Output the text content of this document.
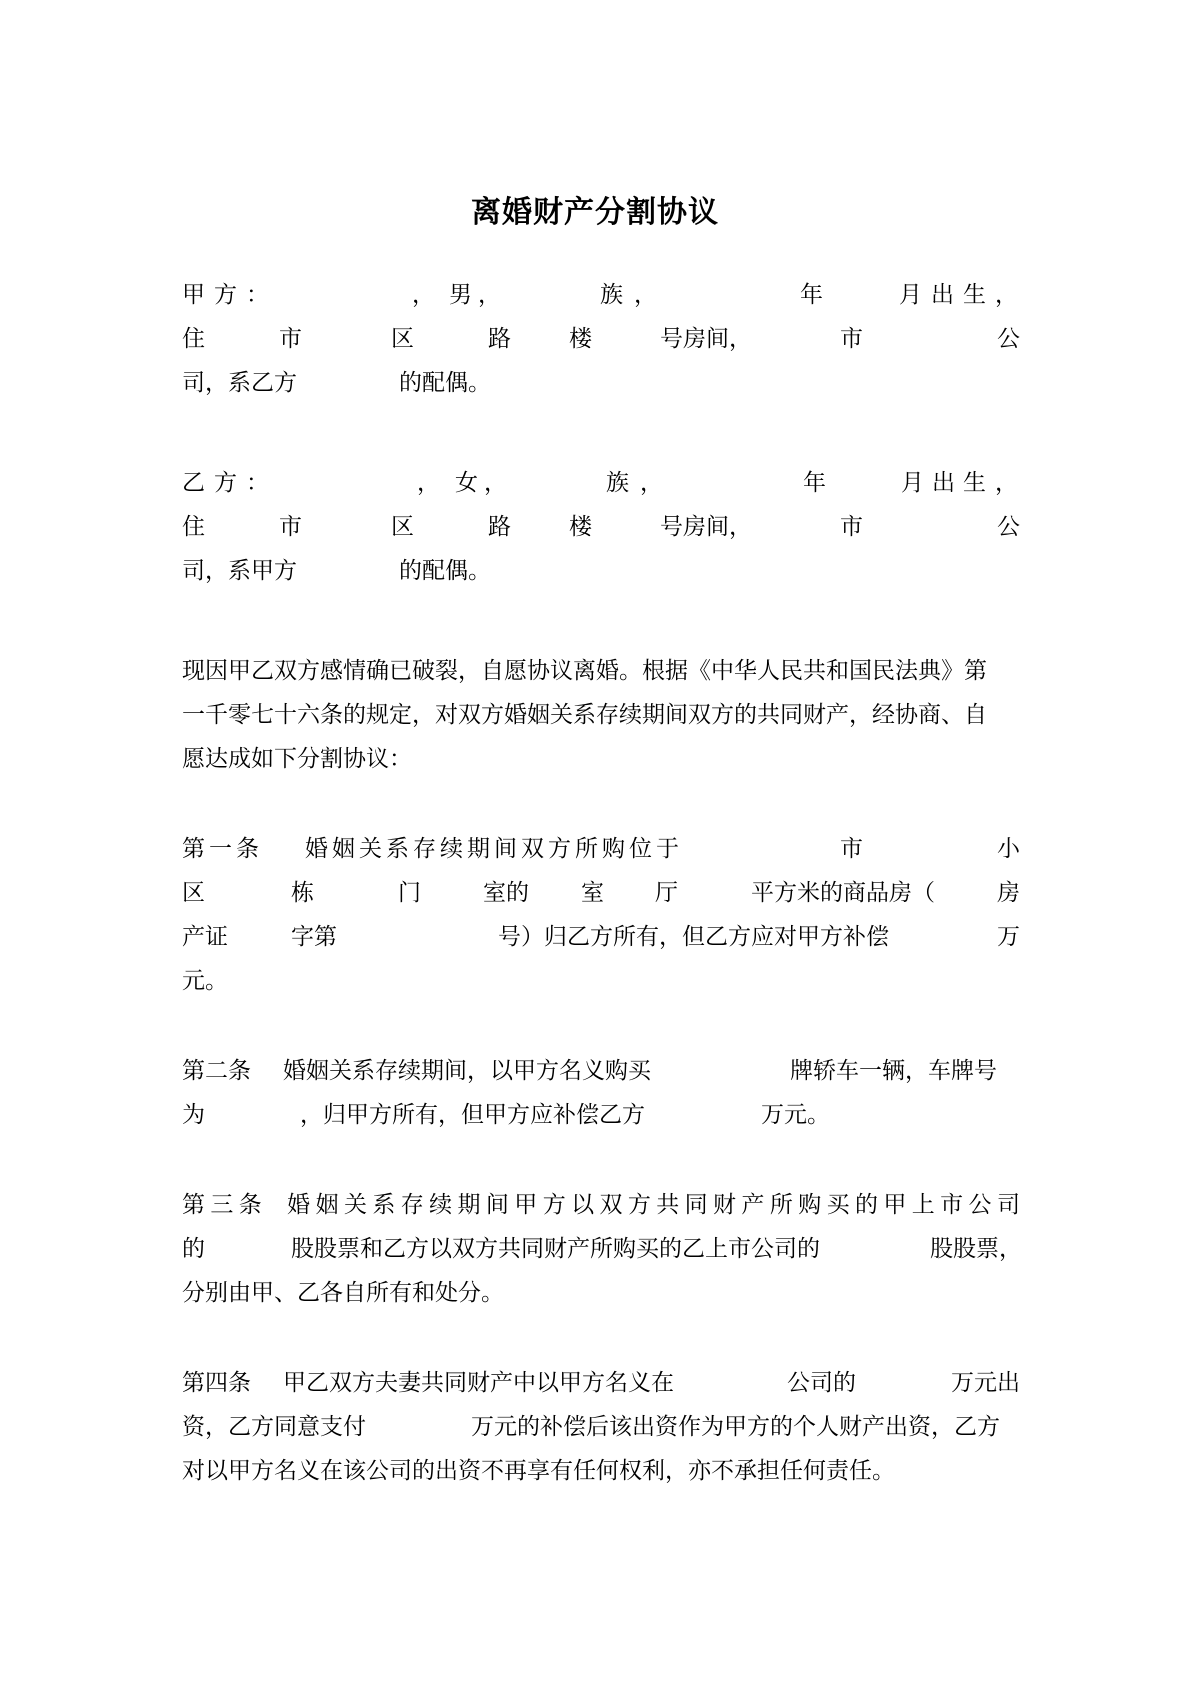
离婚财产分割协议
甲 方 ：	， 男 ，	族 ，	年	月 出 生 ，
住	市	区	路	楼	号房间，	市	公
司，系乙方	的配偶。
乙 方 ：	， 女 ，	族 ，	年	月 出 生 ，
住	市	区	路	楼	号房间，	市	公
司，系甲方	的配偶。
现因甲乙双方感情确已破裂，自愿协议离婚。根据《中华人民共和国民法典》第
一千零七十六条的规定，对双方婚姻关系存续期间双方的共同财产，经协商、自
愿达成如下分割协议：
第 一 条 婚 姻 关 系 存 续 期 间 双 方 所 购 位 于	市	小
区	栋	门	室的 室 厅	平方米的商品房（	房
产证	字第	号）归乙方所有，但乙方应对甲方补偿	万
元。
第二条 婚姻关系存续期间，以甲方名义购买	牌轿车一辆，车牌号
为	，归甲方所有，但甲方应补偿乙方	万元。
第 三 条 婚 姻 关 系 存 续 期 间 甲 方 以 双 方 共 同 财 产 所 购 买 的 甲 上 市 公 司
的	股股票和乙方以双方共同财产所购买的乙上市公司的	股股票，
分别由甲、乙各自所有和处分。
第四条 甲乙双方夫妻共同财产中以甲方名义在	公司的	万元出
资，乙方同意支付	万元的补偿后该出资作为甲方的个人财产出资，乙方
对以甲方名义在该公司的出资不再享有任何权利，亦不承担任何责任。
